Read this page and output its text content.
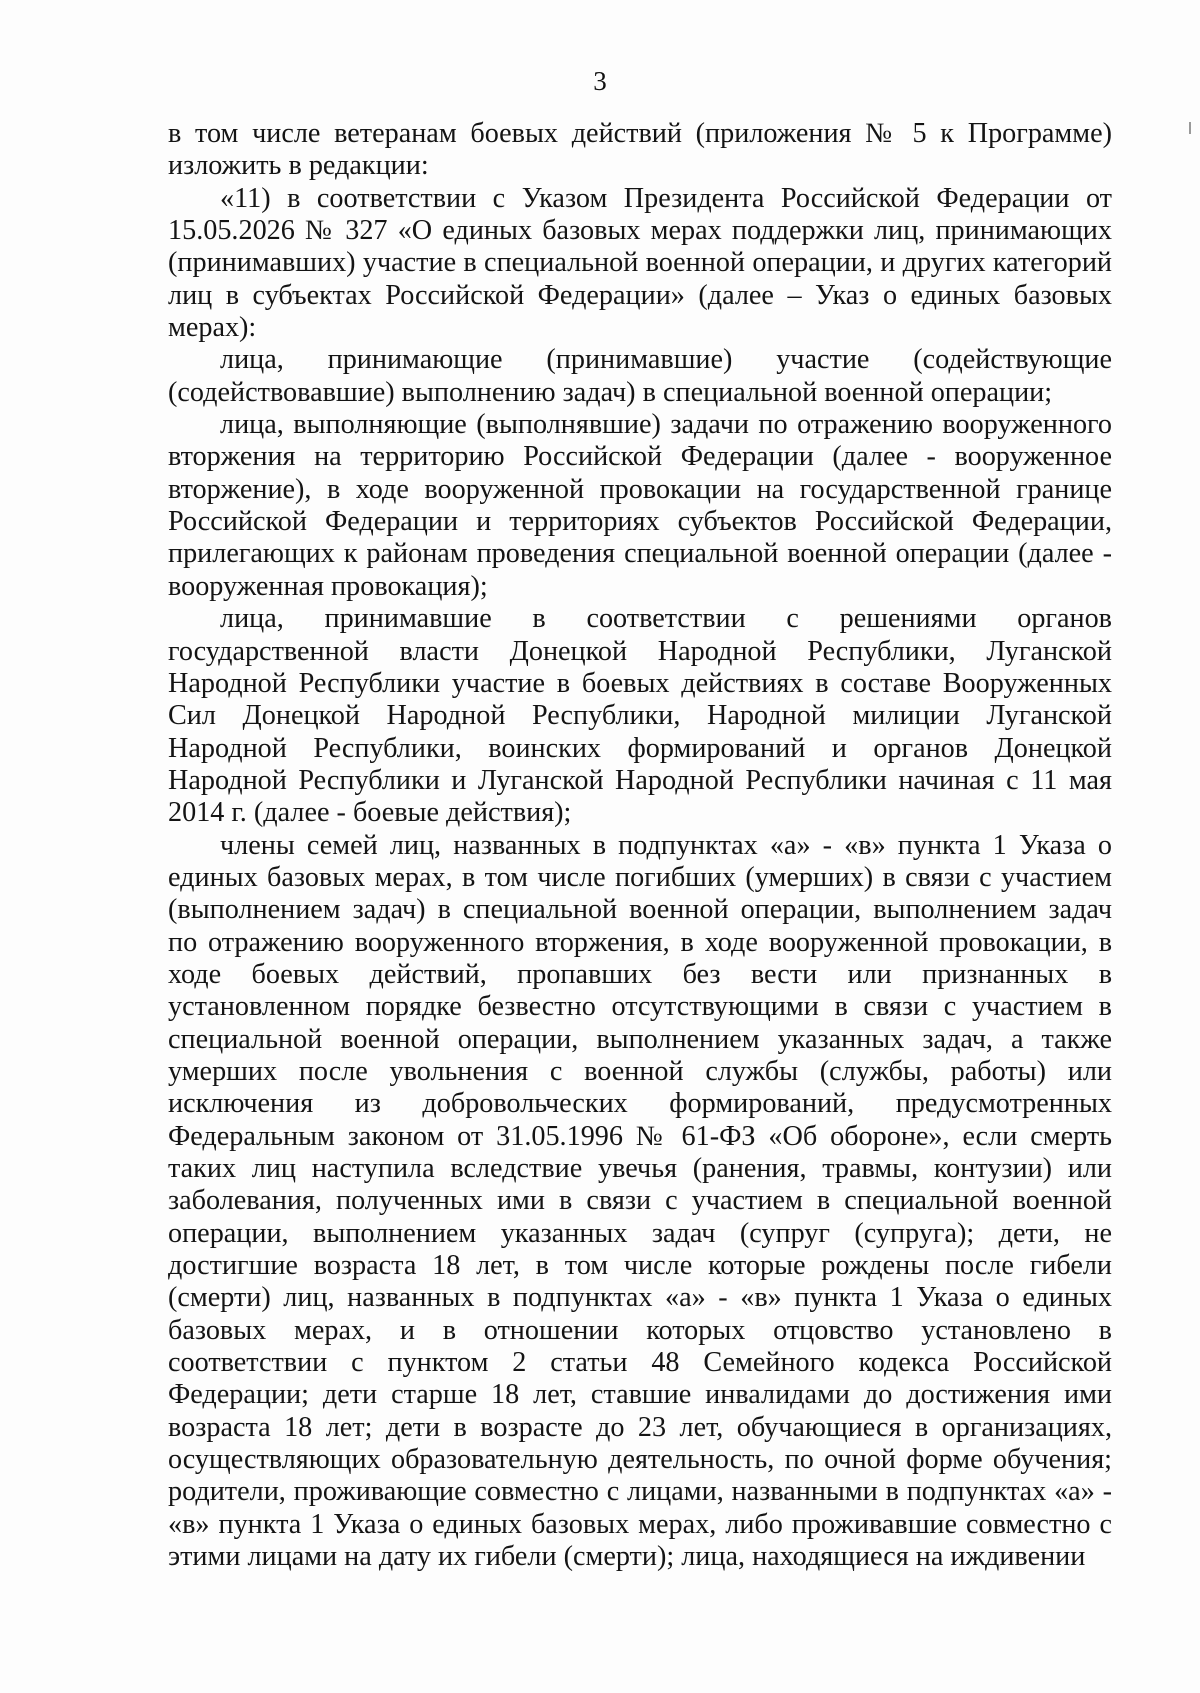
3

в том числе ветеранам боевых действий (приложения № 5 к Программе) изложить в редакции:

«11) в соответствии с Указом Президента Российской Федерации от 15.05.2026 № 327 «О единых базовых мерах поддержки лиц, принимающих (принимавших) участие в специальной военной операции, и других категорий лиц в субъектах Российской Федерации» (далее – Указ о единых базовых мерах):

лица, принимающие (принимавшие) участие (содействующие (содействовавшие) выполнению задач) в специальной военной операции;

лица, выполняющие (выполнявшие) задачи по отражению вооруженного вторжения на территорию Российской Федерации (далее - вооруженное вторжение), в ходе вооруженной провокации на государственной границе Российской Федерации и территориях субъектов Российской Федерации, прилегающих к районам проведения специальной военной операции (далее - вооруженная провокация);

лица, принимавшие в соответствии с решениями органов государственной власти Донецкой Народной Республики, Луганской Народной Республики участие в боевых действиях в составе Вооруженных Сил Донецкой Народной Республики, Народной милиции Луганской Народной Республики, воинских формирований и органов Донецкой Народной Республики и Луганской Народной Республики начиная с 11 мая 2014 г. (далее - боевые действия);

члены семей лиц, названных в подпунктах «а» - «в» пункта 1 Указа о единых базовых мерах, в том числе погибших (умерших) в связи с участием (выполнением задач) в специальной военной операции, выполнением задач по отражению вооруженного вторжения, в ходе вооруженной провокации, в ходе боевых действий, пропавших без вести или признанных в установленном порядке безвестно отсутствующими в связи с участием в специальной военной операции, выполнением указанных задач, а также умерших после увольнения с военной службы (службы, работы) или исключения из добровольческих формирований, предусмотренных Федеральным законом от 31.05.1996 № 61-ФЗ «Об обороне», если смерть таких лиц наступила вследствие увечья (ранения, травмы, контузии) или заболевания, полученных ими в связи с участием в специальной военной операции, выполнением указанных задач (супруг (супруга); дети, не достигшие возраста 18 лет, в том числе которые рождены после гибели (смерти) лиц, названных в подпунктах «а» - «в» пункта 1 Указа о единых базовых мерах, и в отношении которых отцовство установлено в соответствии с пунктом 2 статьи 48 Семейного кодекса Российской Федерации; дети старше 18 лет, ставшие инвалидами до достижения ими возраста 18 лет; дети в возрасте до 23 лет, обучающиеся в организациях, осуществляющих образовательную деятельность, по очной форме обучения; родители, проживающие совместно с лицами, названными в подпунктах «а» - «в» пункта 1 Указа о единых базовых мерах, либо проживавшие совместно с этими лицами на дату их гибели (смерти); лица, находящиеся на иждивении
